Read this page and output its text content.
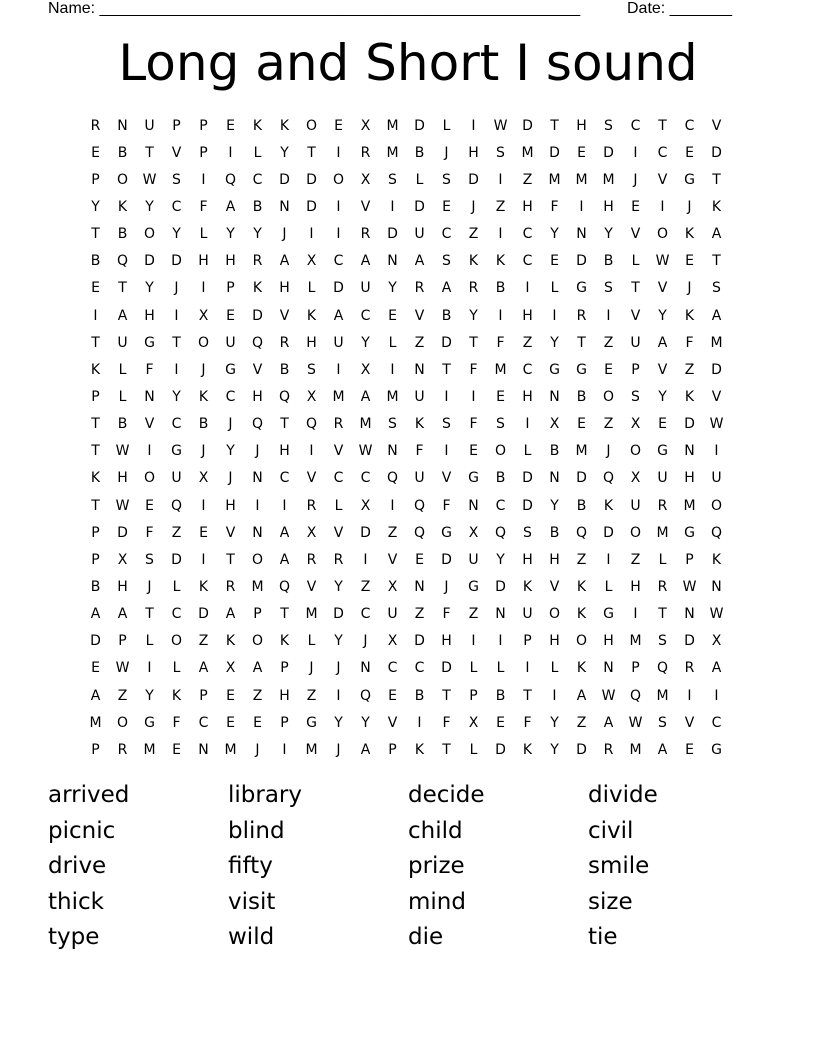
Name: ______________________________________________________	Date: _______
Long and Short I sound
R	N	U	P	P	E	K	K	O	E	X	M	D	L	I	W	D	T	H	S	C	T	C	V
E	B	T	V	P	I	L	Y	T	I	R	M	B	J	H	S	M	D	E	D	I	C	E	D
P	O	W	S	I	Q	C	D	D	O	X	S	L	S	D	I	Z	M	M	M	J	V	G	T
Y	K	Y	C	F	A	B	N	D	I	V	I	D	E	J	Z	H	F	I	H	E	I	J	K
T	B	O	Y	L	Y	Y	J	I	I	R	D	U	C	Z	I	C	Y	N	Y	V	O	K	A
B	Q	D	D	H	H	R	A	X	C	A	N	A	S	K	K	C	E	D	B	L	W	E	T
E	T	Y	J	I	P	K	H	L	D	U	Y	R	A	R	B	I	L	G	S	T	V	J	S
I	A	H	I	X	E	D	V	K	A	C	E	V	B	Y	I	H	I	R	I	V	Y	K	A
T	U	G	T	O	U	Q	R	H	U	Y	L	Z	D	T	F	Z	Y	T	Z	U	A	F	M
K	L	F	I	J	G	V	B	S	I	X	I	N	T	F	M	C	G	G	E	P	V	Z	D
P	L	N	Y	K	C	H	Q	X	M	A	M	U	I	I	E	H	N	B	O	S	Y	K	V
T	B	V	C	B	J	Q	T	Q	R	M	S	K	S	F	S	I	X	E	Z	X	E	D	W
T	W	I	G	J	Y	J	H	I	V	W	N	F	I	E	O	L	B	M	J	O	G	N	I
K	H	O	U	X	J	N	C	V	C	C	Q	U	V	G	B	D	N	D	Q	X	U	H	U
T	W	E	Q	I	H	I	I	R	L	X	I	Q	F	N	C	D	Y	B	K	U	R	M	O
P	D	F	Z	E	V	N	A	X	V	D	Z	Q	G	X	Q	S	B	Q	D	O	M	G	Q
P	X	S	D	I	T	O	A	R	R	I	V	E	D	U	Y	H	H	Z	I	Z	L	P	K
B	H	J	L	K	R	M	Q	V	Y	Z	X	N	J	G	D	K	V	K	L	H	R	W	N
A	A	T	C	D	A	P	T	M	D	C	U	Z	F	Z	N	U	O	K	G	I	T	N	W
D	P	L	O	Z	K	O	K	L	Y	J	X	D	H	I	I	P	H	O	H	M	S	D	X
E	W	I	L	A	X	A	P	J	J	N	C	C	D	L	L	I	L	K	N	P	Q	R	A
A	Z	Y	K	P	E	Z	H	Z	I	Q	E	B	T	P	B	T	I	A	W	Q	M	I	I
M	O	G	F	C	E	E	P	G	Y	Y	V	I	F	X	E	F	Y	Z	A	W	S	V	C
P	R	M	E	N	M	J	I	M	J	A	P	K	T	L	D	K	Y	D	R	M	A	E	G
arrived	library	decide	divide
picnic	blind	child	civil
drive	fifty	prize	smile
thick	visit	mind	size
type	wild	die	tie
